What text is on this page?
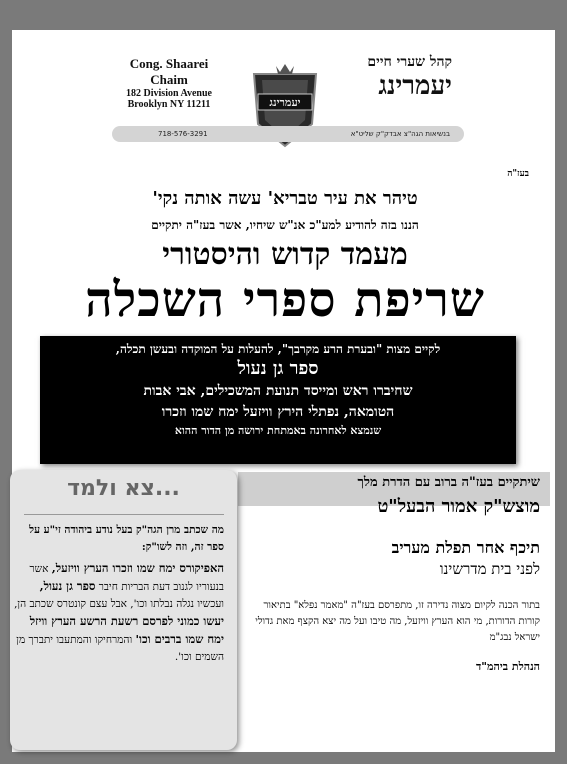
Cong. Shaarei Chaim
182 Division Avenue
Brooklyn NY 11211	יעמרינג
קהל שערי חיים
יעמרינג
718-576-3291	בנשיאות הגה"צ אבדק"ק שליט"א
בעז"ה
טיהר את עיר טבריא' עשה אותה נקי'
הננו בזה להודיע למע"כ אנ"ש שיחיו, אשר בעז"ה יתקיים
מעמד קדוש והיסטורי
שריפת ספרי השכלה
לקיים מצות "ובערת הרע מקרבך", להעלות על המוקדה ובעשן תכלה,
ספר גן נעול
שחיברו ראש ומייסד תנועת המשכילים, אבי אבות
הטומאה, נפתלי הירץ וויזעל ימח שמו וזכרו
שנמצא לאחרונה באמתחת ירושה מן הדור ההוא
שיתקיים בעז"ה ברוב עם הדרת מלך
מוצש"ק אמור הבעל"ט
תיכף אחר תפלת מעריב
לפני בית מדרשינו
בתור הכנה לקיום מצוה נדירה זו, מתפרסם בעז"ה "מאמר נפלא" בתיאור קורות הדורות, מי הוא הערץ וויזעל, מה טיבו ועל מה יצא הקצף מאת גדולי ישראל נבג"מ
הנהלת ביהמ"ד
צא ולמד...
מה שכתב מרן הגה"ק בעל נודע ביהודה זי"ע על ספר זה, וזה לשו"ק:
האפיקורס ימח שמו וזכרו הערץ וויזעל, אשר בנעוריו לגנוב דעת הבריות חיבר ספר גן נעול, ועכשיו נגלה נבלתו וכו', אבל עצם קונטרס שכתב הן, יעשו כמוני לפרסם רשעת הרשע הערץ וויזל ימח שמו ברבים וכו' והמרחיקו והמתעבו יתברך מן השמים וכו'.
